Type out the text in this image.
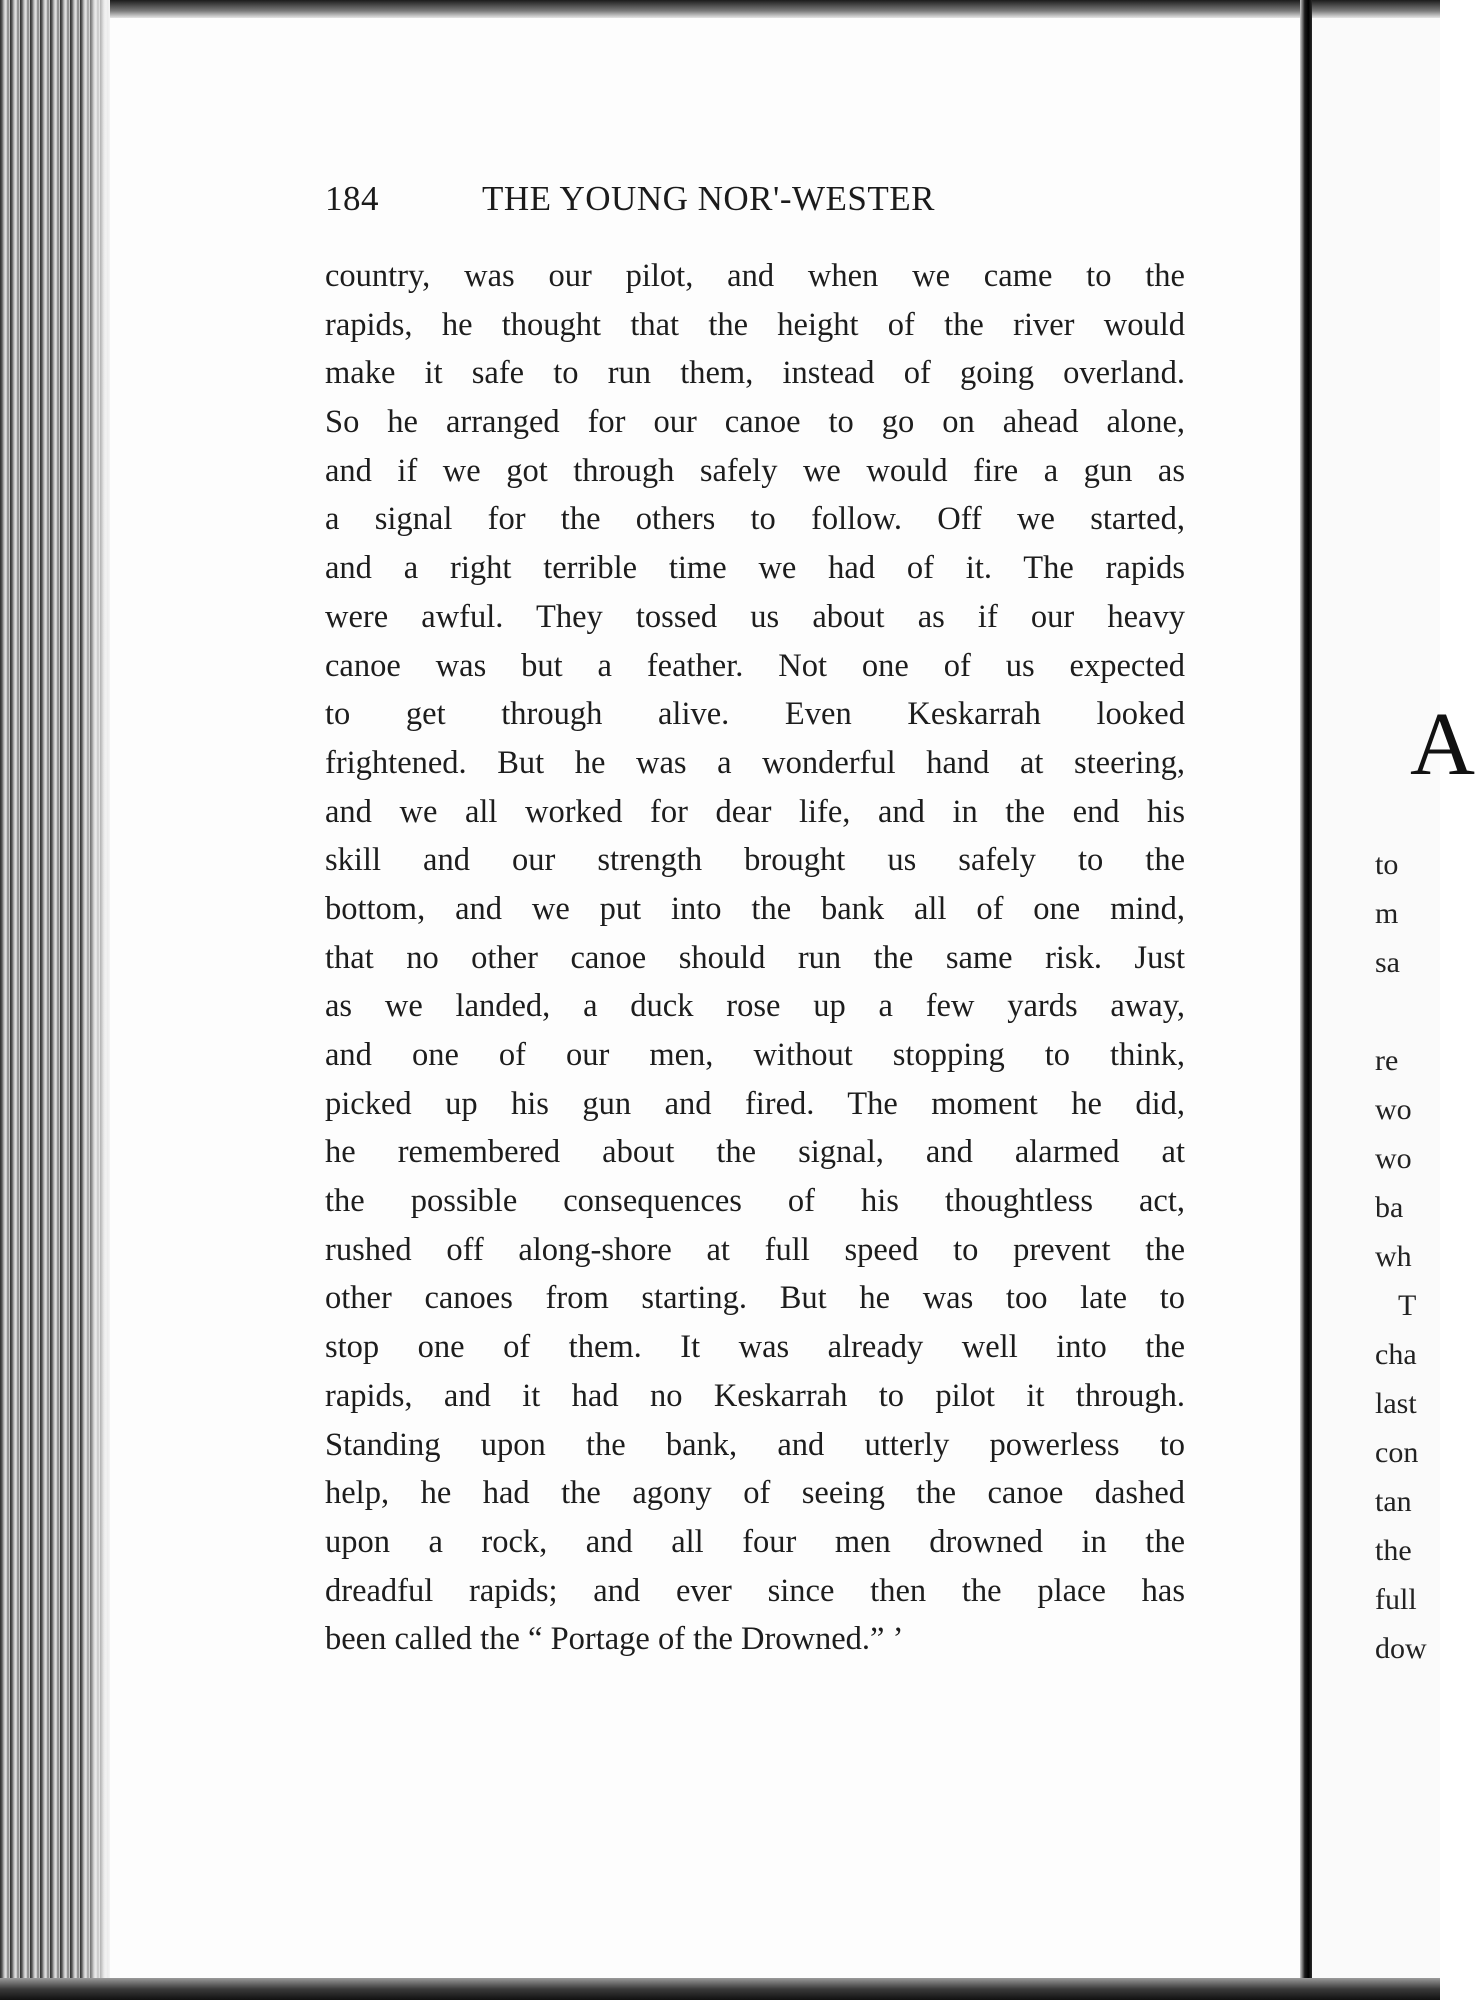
184	THE YOUNG NOR'-WESTER
country, was our pilot, and when we came to the
rapids, he thought that the height of the river would
make it safe to run them, instead of going overland.
So he arranged for our canoe to go on ahead alone,
and if we got through safely we would fire a gun as
a signal for the others to follow. Off we started,
and a right terrible time we had of it. The rapids
were awful. They tossed us about as if our heavy
canoe was but a feather. Not one of us expected
to get through alive. Even Keskarrah looked
frightened. But he was a wonderful hand at steering,
and we all worked for dear life, and in the end his
skill and our strength brought us safely to the
bottom, and we put into the bank all of one mind,
that no other canoe should run the same risk. Just
as we landed, a duck rose up a few yards away,
and one of our men, without stopping to think,
picked up his gun and fired. The moment he did,
he remembered about the signal, and alarmed at
the possible consequences of his thoughtless act,
rushed off along-shore at full speed to prevent the
other canoes from starting. But he was too late to
stop one of them. It was already well into the
rapids, and it had no Keskarrah to pilot it through.
Standing upon the bank, and utterly powerless to
help, he had the agony of seeing the canoe dashed
upon a rock, and all four men drowned in the
dreadful rapids; and ever since then the place has
been called the “ Portage of the Drowned.” ’
A
to
m
sa
re
wo
wo
ba
wh
T
cha
last
con
tan
the
full
dow
